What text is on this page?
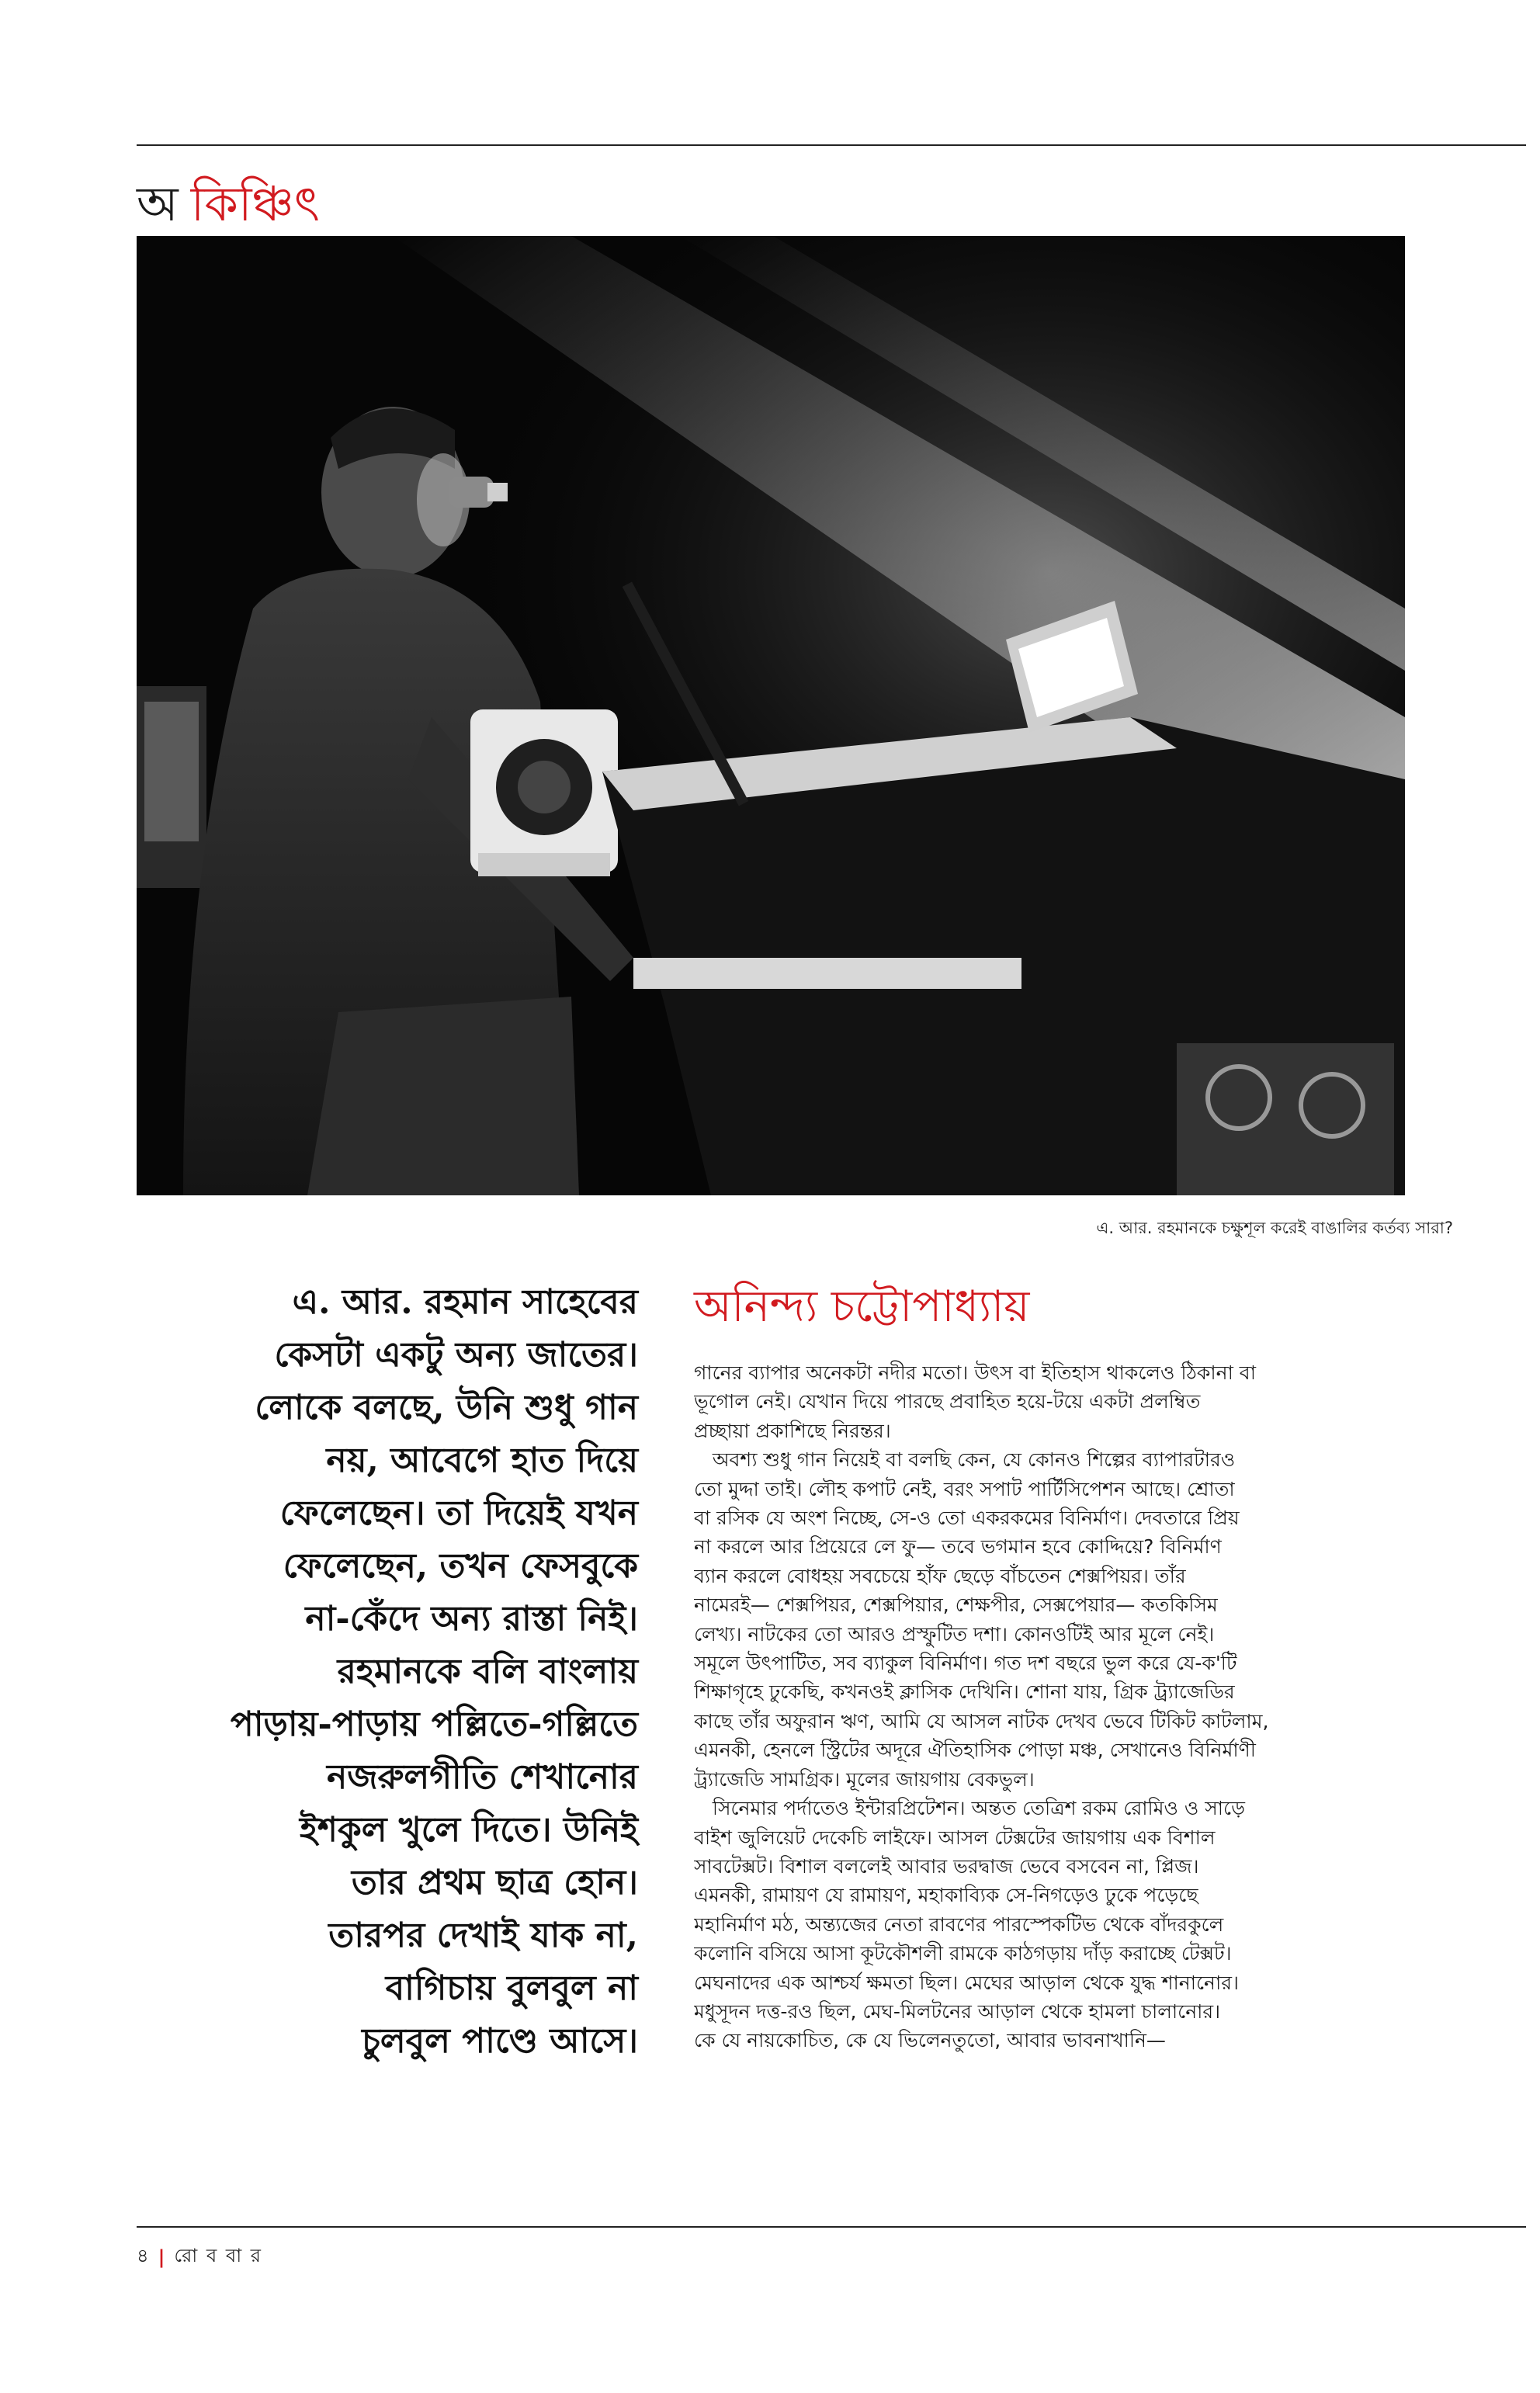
অ কিঞ্চিৎ
এ. আর. রহমানকে চক্ষুশূল করেই বাঙালির কর্তব্য সারা?
এ. আর. রহমান সাহেবের
কেসটা একটু অন্য জাতের।
লোকে বলছে, উনি শুধু গান
নয়, আবেগে হাত দিয়ে
ফেলেছেন। তা দিয়েই যখন
ফেলেছেন, তখন ফেসবুকে
না-কেঁদে অন্য রাস্তা নিই।
রহমানকে বলি বাংলায়
পাড়ায়-পাড়ায় পল্লিতে-গল্লিতে
নজরুলগীতি শেখানোর
ইশকুল খুলে দিতে। উনিই
তার প্রথম ছাত্র হোন।
তারপর দেখাই যাক না,
বাগিচায় বুলবুল না
চুলবুল পাণ্ডে আসে।
অনিন্দ্য চট্টোপাধ্যায়
গানের ব্যাপার অনেকটা নদীর মতো। উৎস বা ইতিহাস থাকলেও ঠিকানা বা
ভূগোল নেই। যেখান দিয়ে পারছে প্রবাহিত হয়ে-টয়ে একটা প্রলম্বিত
প্রচ্ছায়া প্রকাশিছে নিরন্তর।
অবশ্য শুধু গান নিয়েই বা বলছি কেন, যে কোনও শিল্পের ব্যাপারটারও
তো মুদ্দা তাই। লৌহ কপাট নেই, বরং সপাট পার্টিসিপেশন আছে। শ্রোতা
বা রসিক যে অংশ নিচ্ছে, সে-ও তো একরকমের বিনির্মাণ। দেবতারে প্রিয়
না করলে আর প্রিয়েরে লে ফু— তবে ভগমান হবে কোদ্দিয়ে? বিনির্মাণ
ব্যান করলে বোধহয় সবচেয়ে হাঁফ ছেড়ে বাঁচতেন শেক্সপিয়র। তাঁর
নামেরই— শেক্সপিয়র, শেক্সপিয়ার, শেক্ষপীর, সেক্সপেয়ার— কতকিসিম
লেখ্য। নাটকের তো আরও প্রস্ফুটিত দশা। কোনওটিই আর মূলে নেই।
সমূলে উৎপাটিত, সব ব্যাকুল বিনির্মাণ। গত দশ বছরে ভুল করে যে-ক'টি
শিক্ষাগৃহে ঢুকেছি, কখনওই ক্লাসিক দেখিনি। শোনা যায়, গ্রিক ট্র্যাজেডির
কাছে তাঁর অফুরান ঋণ, আমি যে আসল নাটক দেখব ভেবে টিকিট কাটলাম,
এমনকী, হেনলে স্ট্রিটের অদূরে ঐতিহাসিক পোড়া মঞ্চ, সেখানেও বিনির্মাণী
ট্র্যাজেডি সামগ্রিক। মূলের জায়গায় বেকভুল।
সিনেমার পর্দাতেও ইন্টারপ্রিটেশন। অন্তত তেত্রিশ রকম রোমিও ও সাড়ে
বাইশ জুলিয়েট দেকেচি লাইফে। আসল টেক্সটের জায়গায় এক বিশাল
সাবটেক্সট। বিশাল বললেই আবার ভরদ্বাজ ভেবে বসবেন না, প্লিজ।
এমনকী, রামায়ণ যে রামায়ণ, মহাকাব্যিক সে-নিগড়েও ঢুকে পড়েছে
মহানির্মাণ মঠ, অন্ত্যজের নেতা রাবণের পারস্পেকটিভ থেকে বাঁদরকুলে
কলোনি বসিয়ে আসা কূটকৌশলী রামকে কাঠগড়ায় দাঁড় করাচ্ছে টেক্সট।
মেঘনাদের এক আশ্চর্য ক্ষমতা ছিল। মেঘের আড়াল থেকে যুদ্ধ শানানোর।
মধুসূদন দত্ত-রও ছিল, মেঘ-মিলটনের আড়াল থেকে হামলা চালানোর।
কে যে নায়কোচিত, কে যে ভিলেনতুতো, আবার ভাবনাখানি—
৪ | রো ব বা র
